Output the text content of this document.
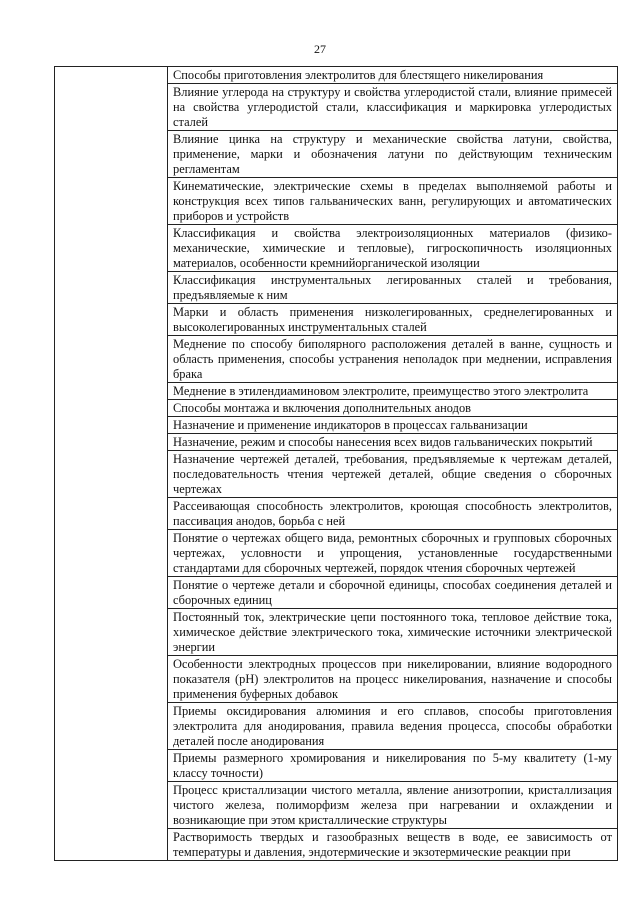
27

Способы приготовления электролитов для блестящего никелирования

Влияние углерода на структуру и свойства углеродистой стали, влияние примесей на свойства углеродистой стали, классификация и маркировка углеродистых сталей

Влияние цинка на структуру и механические свойства латуни, свойства, применение, марки и обозначения латуни по действующим техническим регламентам

Кинематические, электрические схемы в пределах выполняемой работы и конструкция всех типов гальванических ванн, регулирующих и автоматических приборов и устройств

Классификация и свойства электроизоляционных материалов (физико-механические, химические и тепловые), гигроскопичность изоляционных материалов, особенности кремнийорганической изоляции

Классификация инструментальных легированных сталей и требования, предъявляемые к ним

Марки и область применения низколегированных, среднелегированных и высоколегированных инструментальных сталей

Меднение по способу биполярного расположения деталей в ванне, сущность и область применения, способы устранения неполадок при меднении, исправления брака

Меднение в этилендиаминовом электролите, преимущество этого электролита

Способы монтажа и включения дополнительных анодов

Назначение и применение индикаторов в процессах гальванизации

Назначение, режим и способы нанесения всех видов гальванических покрытий

Назначение чертежей деталей, требования, предъявляемые к чертежам деталей, последовательность чтения чертежей деталей, общие сведения о сборочных чертежах

Рассеивающая способность электролитов, кроющая способность электролитов, пассивация анодов, борьба с ней

Понятие о чертежах общего вида, ремонтных сборочных и групповых сборочных чертежах, условности и упрощения, установленные государственными стандартами для сборочных чертежей, порядок чтения сборочных чертежей

Понятие о чертеже детали и сборочной единицы, способах соединения деталей и сборочных единиц

Постоянный ток, электрические цепи постоянного тока, тепловое действие тока, химическое действие электрического тока, химические источники электрической энергии

Особенности электродных процессов при никелировании, влияние водородного показателя (pH) электролитов на процесс никелирования, назначение и способы применения буферных добавок

Приемы оксидирования алюминия и его сплавов, способы приготовления электролита для анодирования, правила ведения процесса, способы обработки деталей после анодирования

Приемы размерного хромирования и никелирования по 5-му квалитету (1-му классу точности)

Процесс кристаллизации чистого металла, явление анизотропии, кристаллизация чистого железа, полиморфизм железа при нагревании и охлаждении и возникающие при этом кристаллические структуры

Растворимость твердых и газообразных веществ в воде, ее зависимость от температуры и давления, эндотермические и экзотермические реакции при
